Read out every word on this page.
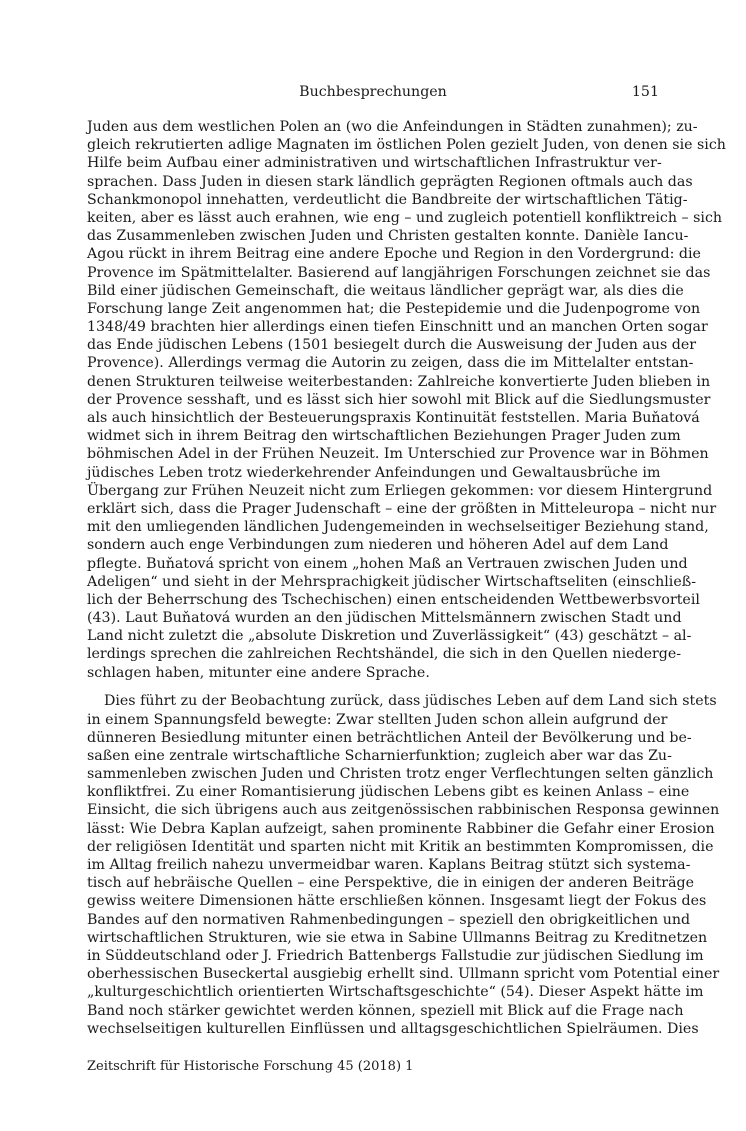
Buchbesprechungen	151
Juden aus dem westlichen Polen an (wo die Anfeindungen in Städten zunahmen); zu-
gleich rekrutierten adlige Magnaten im östlichen Polen gezielt Juden, von denen sie sich
Hilfe beim Aufbau einer administrativen und wirtschaftlichen Infrastruktur ver-
sprachen. Dass Juden in diesen stark ländlich geprägten Regionen oftmals auch das
Schankmonopol innehatten, verdeutlicht die Bandbreite der wirtschaftlichen Tätig-
keiten, aber es lässt auch erahnen, wie eng – und zugleich potentiell konfliktreich – sich
das Zusammenleben zwischen Juden und Christen gestalten konnte. Danièle Iancu-
Agou rückt in ihrem Beitrag eine andere Epoche und Region in den Vordergrund: die
Provence im Spätmittelalter. Basierend auf langjährigen Forschungen zeichnet sie das
Bild einer jüdischen Gemeinschaft, die weitaus ländlicher geprägt war, als dies die
Forschung lange Zeit angenommen hat; die Pestepidemie und die Judenpogrome von
1348/49 brachten hier allerdings einen tiefen Einschnitt und an manchen Orten sogar
das Ende jüdischen Lebens (1501 besiegelt durch die Ausweisung der Juden aus der
Provence). Allerdings vermag die Autorin zu zeigen, dass die im Mittelalter entstan-
denen Strukturen teilweise weiterbestanden: Zahlreiche konvertierte Juden blieben in
der Provence sesshaft, und es lässt sich hier sowohl mit Blick auf die Siedlungsmuster
als auch hinsichtlich der Besteuerungspraxis Kontinuität feststellen. Maria Buňatová
widmet sich in ihrem Beitrag den wirtschaftlichen Beziehungen Prager Juden zum
böhmischen Adel in der Frühen Neuzeit. Im Unterschied zur Provence war in Böhmen
jüdisches Leben trotz wiederkehrender Anfeindungen und Gewaltausbrüche im
Übergang zur Frühen Neuzeit nicht zum Erliegen gekommen: vor diesem Hintergrund
erklärt sich, dass die Prager Judenschaft – eine der größten in Mitteleuropa – nicht nur
mit den umliegenden ländlichen Judengemeinden in wechselseitiger Beziehung stand,
sondern auch enge Verbindungen zum niederen und höheren Adel auf dem Land
pflegte. Buňatová spricht von einem „hohen Maß an Vertrauen zwischen Juden und
Adeligen“ und sieht in der Mehrsprachigkeit jüdischer Wirtschaftseliten (einschließ-
lich der Beherrschung des Tschechischen) einen entscheidenden Wettbewerbsvorteil
(43). Laut Buňatová wurden an den jüdischen Mittelsmännern zwischen Stadt und
Land nicht zuletzt die „absolute Diskretion und Zuverlässigkeit“ (43) geschätzt – al-
lerdings sprechen die zahlreichen Rechtshändel, die sich in den Quellen niederge-
schlagen haben, mitunter eine andere Sprache.
Dies führt zu der Beobachtung zurück, dass jüdisches Leben auf dem Land sich stets
in einem Spannungsfeld bewegte: Zwar stellten Juden schon allein aufgrund der
dünneren Besiedlung mitunter einen beträchtlichen Anteil der Bevölkerung und be-
saßen eine zentrale wirtschaftliche Scharnierfunktion; zugleich aber war das Zu-
sammenleben zwischen Juden und Christen trotz enger Verflechtungen selten gänzlich
konfliktfrei. Zu einer Romantisierung jüdischen Lebens gibt es keinen Anlass – eine
Einsicht, die sich übrigens auch aus zeitgenössischen rabbinischen Responsa gewinnen
lässt: Wie Debra Kaplan aufzeigt, sahen prominente Rabbiner die Gefahr einer Erosion
der religiösen Identität und sparten nicht mit Kritik an bestimmten Kompromissen, die
im Alltag freilich nahezu unvermeidbar waren. Kaplans Beitrag stützt sich systema-
tisch auf hebräische Quellen – eine Perspektive, die in einigen der anderen Beiträge
gewiss weitere Dimensionen hätte erschließen können. Insgesamt liegt der Fokus des
Bandes auf den normativen Rahmenbedingungen – speziell den obrigkeitlichen und
wirtschaftlichen Strukturen, wie sie etwa in Sabine Ullmanns Beitrag zu Kreditnetzen
in Süddeutschland oder J. Friedrich Battenbergs Fallstudie zur jüdischen Siedlung im
oberhessischen Buseckertal ausgiebig erhellt sind. Ullmann spricht vom Potential einer
„kulturgeschichtlich orientierten Wirtschaftsgeschichte“ (54). Dieser Aspekt hätte im
Band noch stärker gewichtet werden können, speziell mit Blick auf die Frage nach
wechselseitigen kulturellen Einflüssen und alltagsgeschichtlichen Spielräumen. Dies
Zeitschrift für Historische Forschung 45 (2018) 1
